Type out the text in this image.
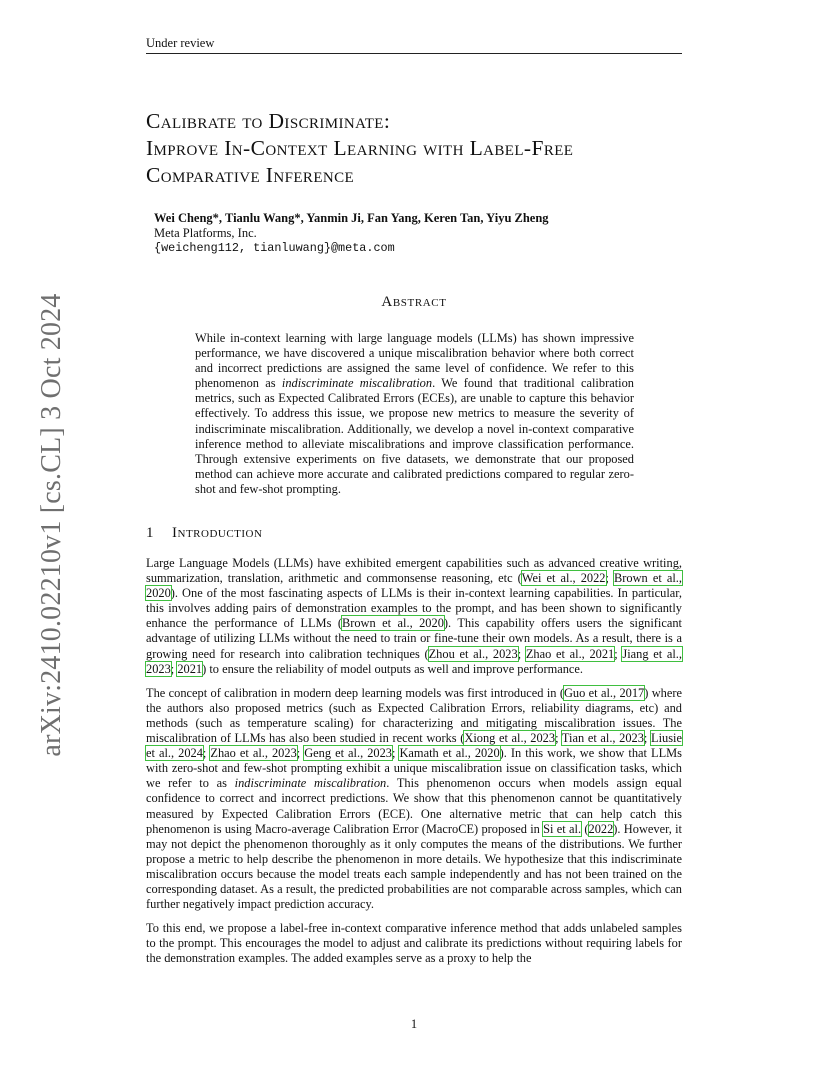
Under review
arXiv:2410.02210v1 [cs.CL] 3 Oct 2024
Calibrate to Discriminate:
Improve In-Context Learning with Label-Free
Comparative Inference
Wei Cheng*, Tianlu Wang*, Yanmin Ji, Fan Yang, Keren Tan, Yiyu Zheng
Meta Platforms, Inc.
{weicheng112, tianluwang}@meta.com
Abstract
While in-context learning with large language models (LLMs) has shown impressive performance, we have discovered a unique miscalibration behavior where both correct and incorrect predictions are assigned the same level of confidence. We refer to this phenomenon as indiscriminate miscalibration. We found that traditional calibration metrics, such as Expected Calibrated Errors (ECEs), are unable to capture this behavior effectively. To address this issue, we propose new metrics to measure the severity of indiscriminate miscalibration. Additionally, we develop a novel in-context comparative inference method to alleviate miscalibrations and improve classification performance. Through extensive experiments on five datasets, we demonstrate that our proposed method can achieve more accurate and calibrated predictions compared to regular zero-shot and few-shot prompting.
1 Introduction

Large Language Models (LLMs) have exhibited emergent capabilities such as advanced creative writing, summarization, translation, arithmetic and commonsense reasoning, etc (Wei et al., 2022; Brown et al., 2020). One of the most fascinating aspects of LLMs is their in-context learning capabilities. In particular, this involves adding pairs of demonstration examples to the prompt, and has been shown to significantly enhance the performance of LLMs (Brown et al., 2020). This capability offers users the significant advantage of utilizing LLMs without the need to train or fine-tune their own models. As a result, there is a growing need for research into calibration techniques (Zhou et al., 2023; Zhao et al., 2021; Jiang et al., 2023; 2021) to ensure the reliability of model outputs as well and improve performance.

The concept of calibration in modern deep learning models was first introduced in (Guo et al., 2017) where the authors also proposed metrics (such as Expected Calibration Errors, reliability diagrams, etc) and methods (such as temperature scaling) for characterizing and mitigating miscalibration issues. The miscalibration of LLMs has also been studied in recent works (Xiong et al., 2023; Tian et al., 2023; Liusie et al., 2024; Zhao et al., 2023; Geng et al., 2023; Kamath et al., 2020). In this work, we show that LLMs with zero-shot and few-shot prompting exhibit a unique miscalibration issue on classification tasks, which we refer to as indiscriminate miscalibration. This phenomenon occurs when models assign equal confidence to correct and incorrect predictions. We show that this phenomenon cannot be quantitatively measured by Expected Calibration Errors (ECE). One alternative metric that can help catch this phenomenon is using Macro-average Calibration Error (MacroCE) proposed in Si et al. (2022). However, it may not depict the phenomenon thoroughly as it only computes the means of the distributions. We further propose a metric to help describe the phenomenon in more details. We hypothesize that this indiscriminate miscalibration occurs because the model treats each sample independently and has not been trained on the corresponding dataset. As a result, the predicted probabilities are not comparable across samples, which can further negatively impact prediction accuracy.

To this end, we propose a label-free in-context comparative inference method that adds unlabeled samples to the prompt. This encourages the model to adjust and calibrate its predictions without requiring labels for the demonstration examples. The added examples serve as a proxy to help the

1
